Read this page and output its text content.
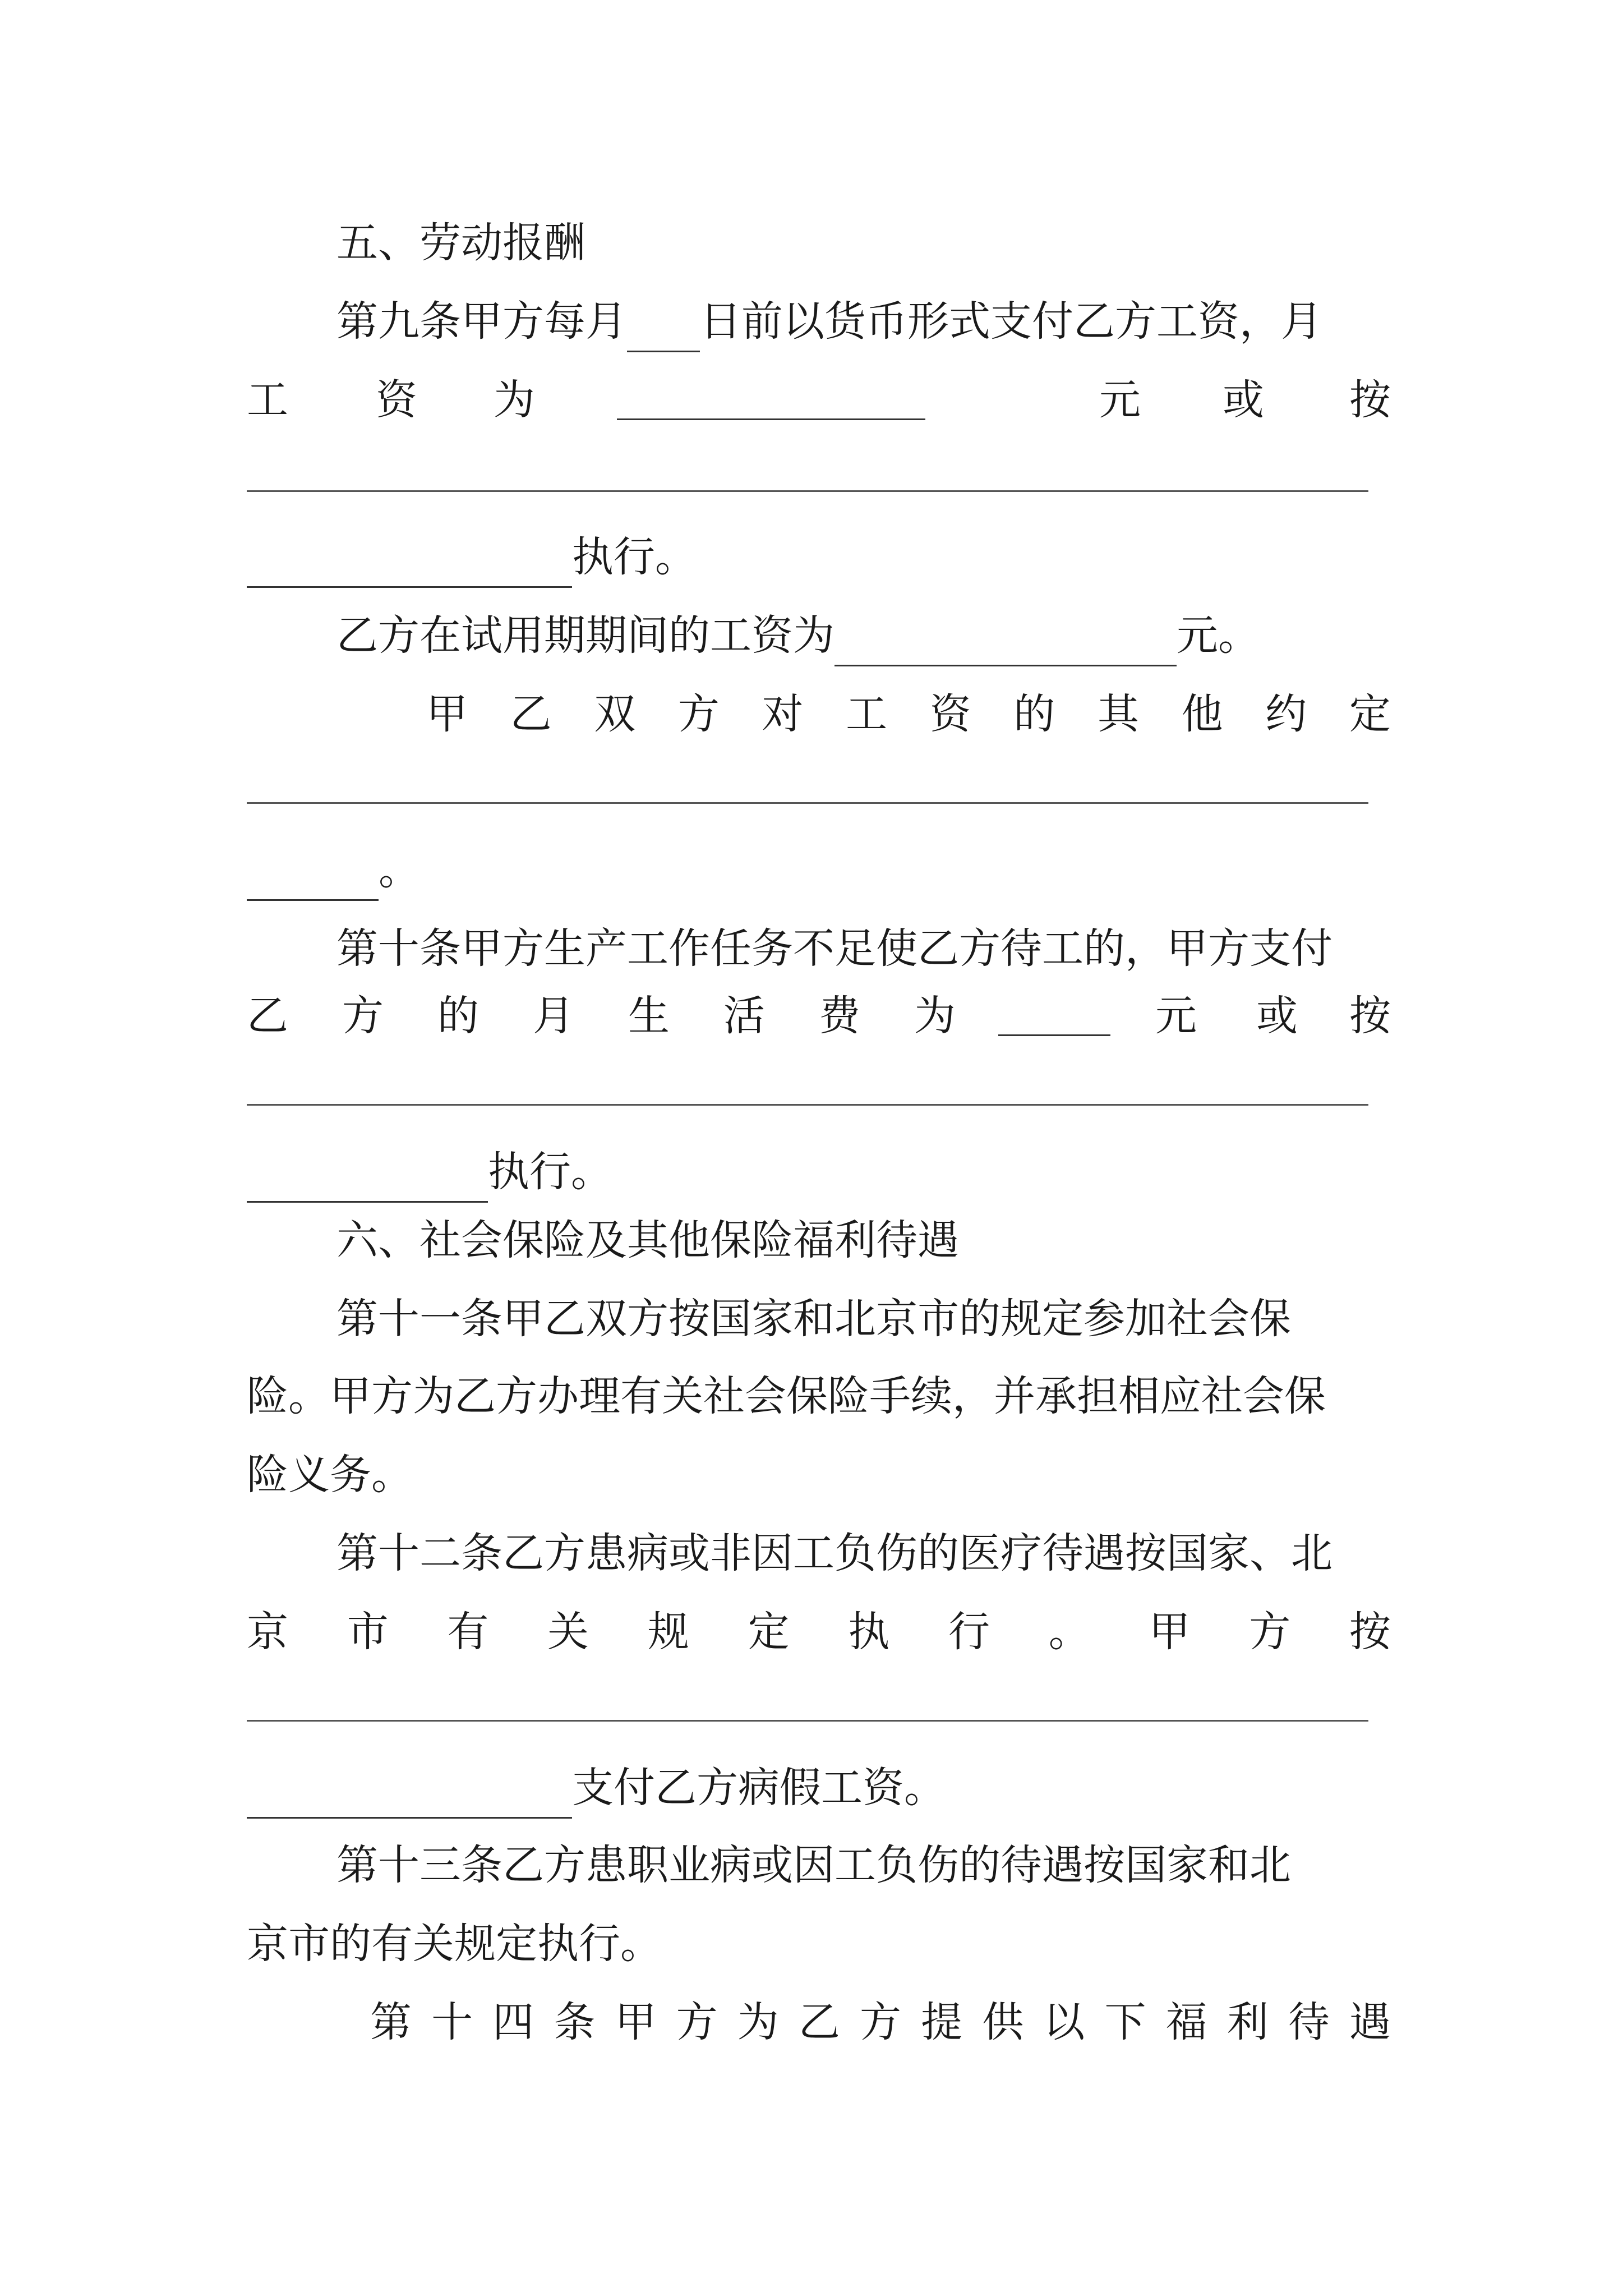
五、劳动报酬
第九条甲方每月 日前以货币形式支付乙方工资，月
工 资 为	元 或 按
执行。
乙方在试用期期间的工资为	元。
甲 乙 双 方 对 工 资 的 其 他 约 定
。
第十条甲方生产工作任务不足使乙方待工的，甲方支付
乙 方 的 月 生 活 费 为	元 或 按
执行。
六、社会保险及其他保险福利待遇
第十一条甲乙双方按国家和北京市的规定参加社会保
险。甲方为乙方办理有关社会保险手续，并承担相应社会保
险义务。
第十二条乙方患病或非因工负伤的医疗待遇按国家、北
京 市 有 关 规 定 执 行 。 甲 方 按
支付乙方病假工资。
第十三条乙方患职业病或因工负伤的待遇按国家和北
京市的有关规定执行。
第 十 四 条 甲 方 为 乙 方 提 供 以 下 福 利 待 遇
